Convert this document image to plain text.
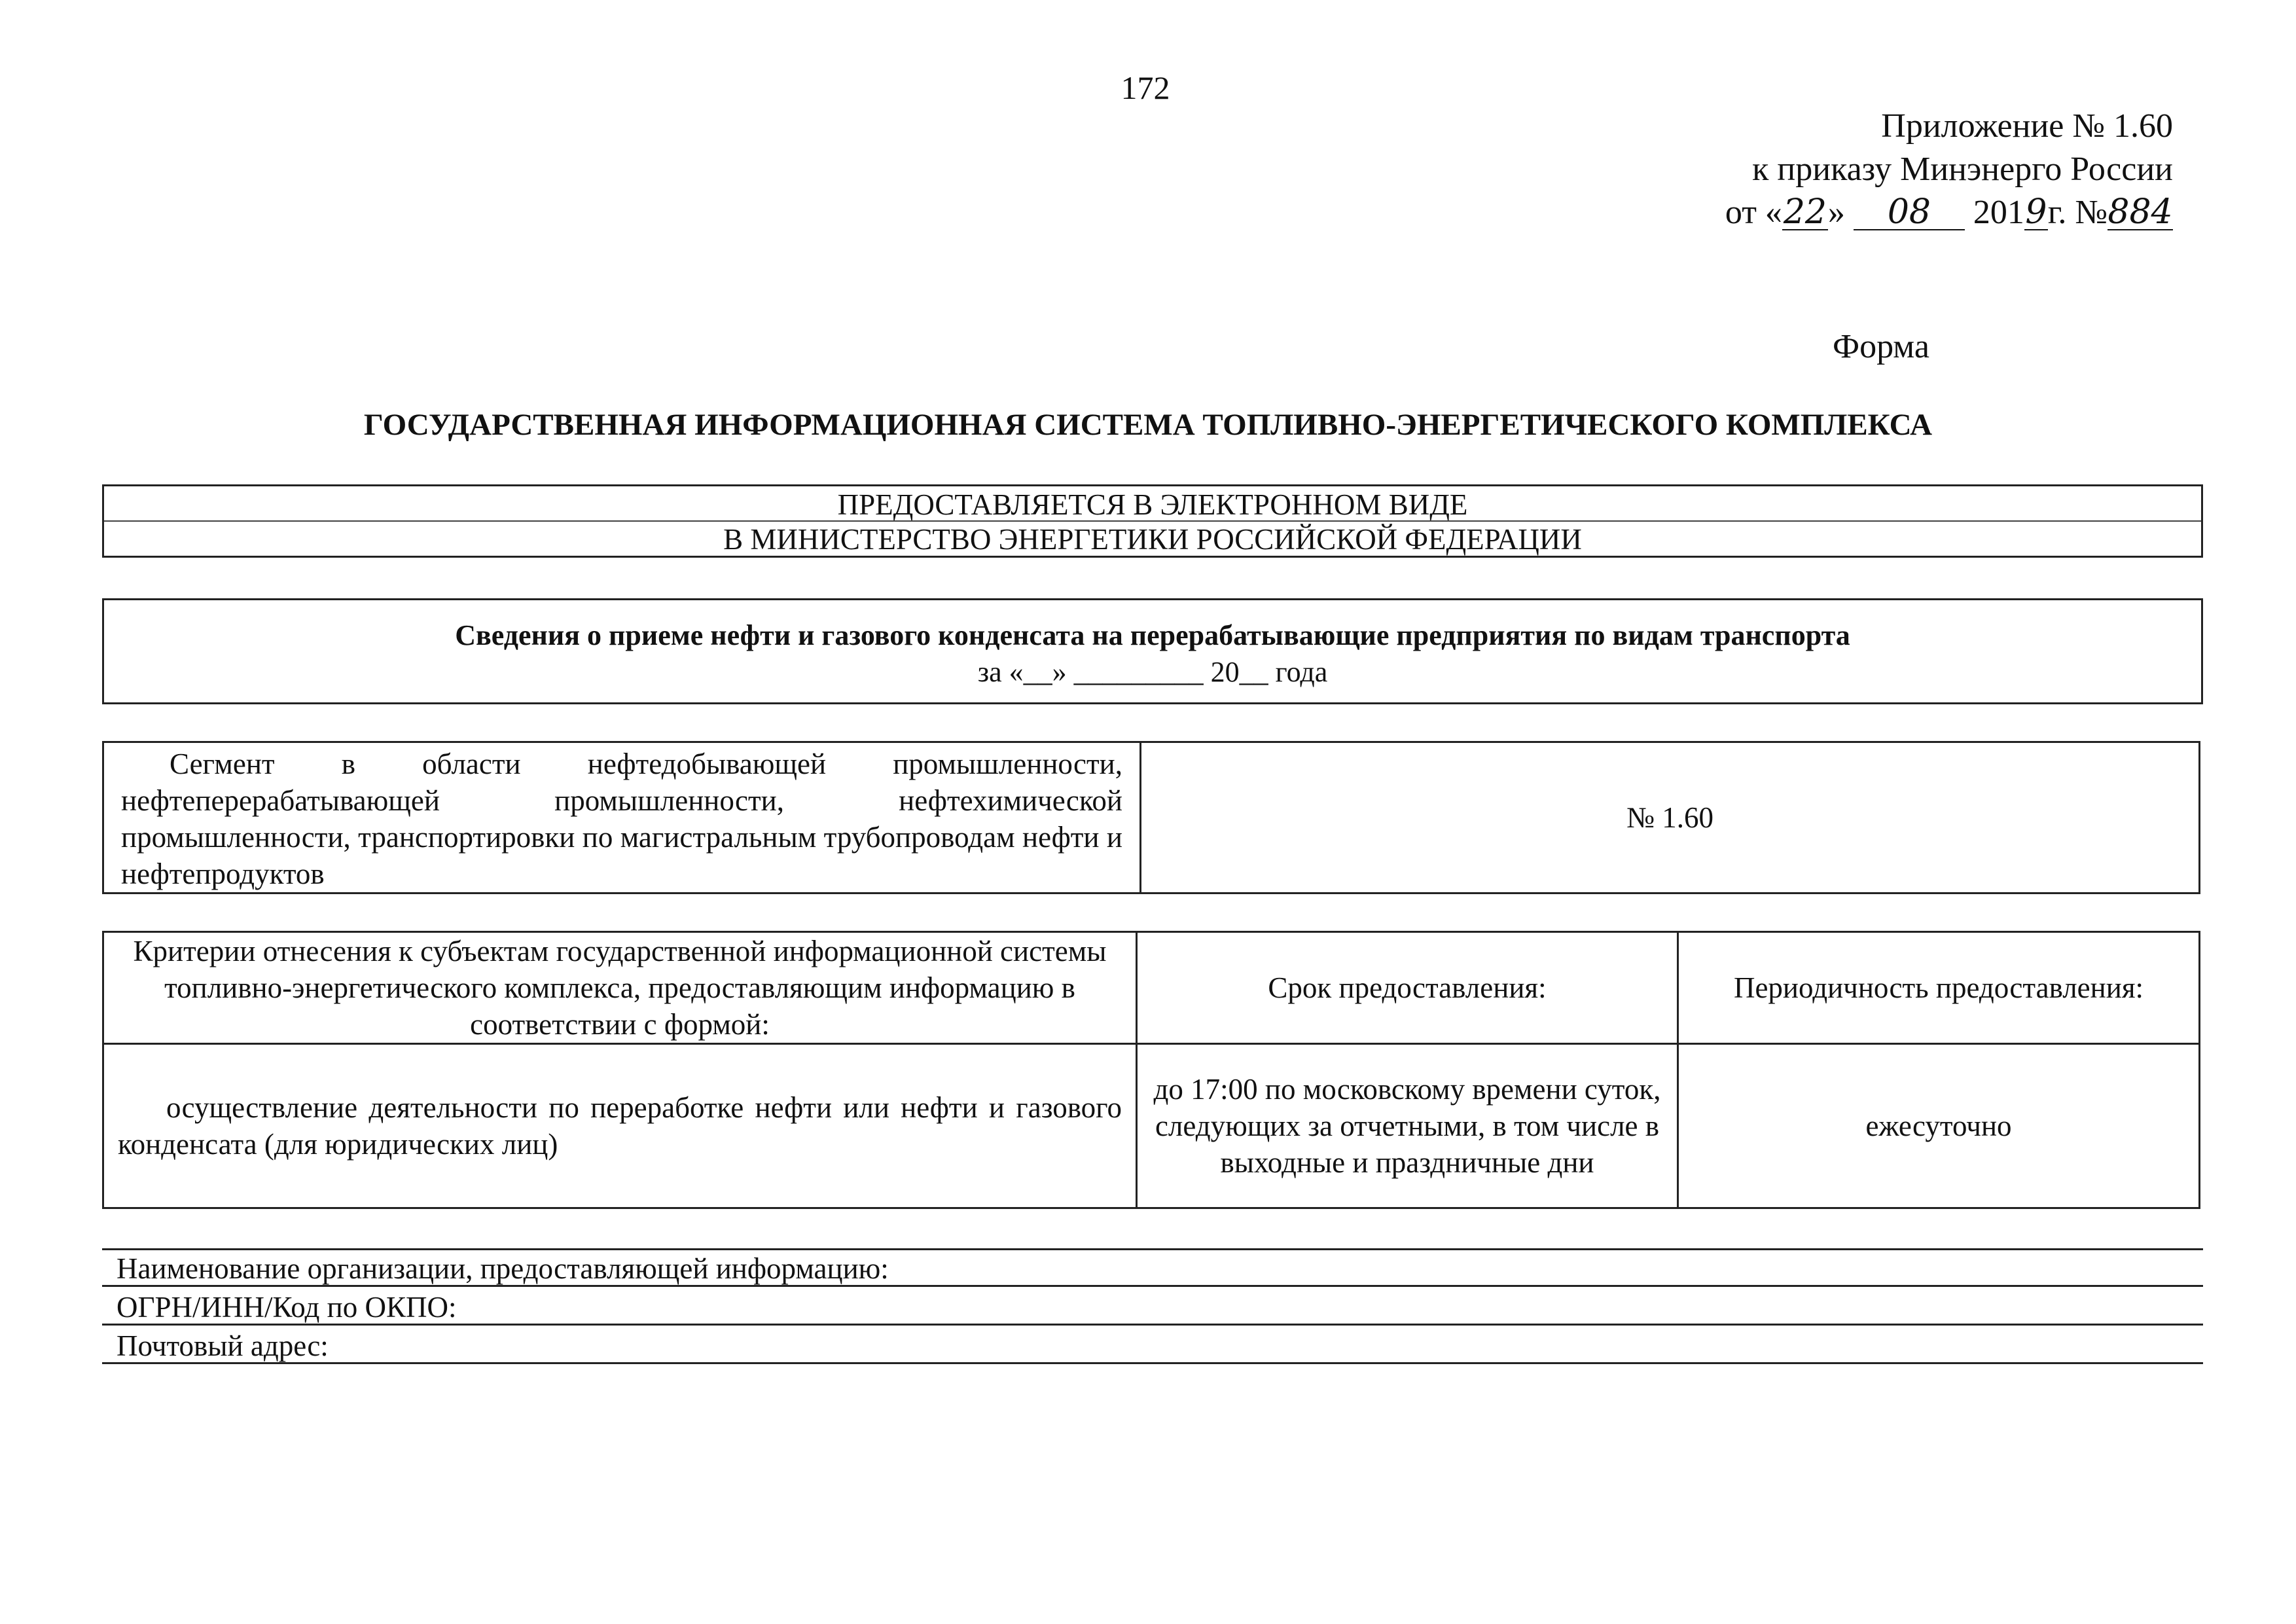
172
Приложение № 1.60
к приказу Минэнерго России
от «22» 08 2019г. №884
Форма
ГОСУДАРСТВЕННАЯ ИНФОРМАЦИОННАЯ СИСТЕМА ТОПЛИВНО-ЭНЕРГЕТИЧЕСКОГО КОМПЛЕКСА
ПРЕДОСТАВЛЯЕТСЯ В ЭЛЕКТРОННОМ ВИДЕ
В МИНИСТЕРСТВО ЭНЕРГЕТИКИ РОССИЙСКОЙ ФЕДЕРАЦИИ
Сведения о приеме нефти и газового конденсата на перерабатывающие предприятия по видам транспорта
за «__» _________ 20__ года
Сегмент в области нефтедобывающей промышленности, нефтеперерабатывающей промышленности, нефтехимической промышленности, транспортировки по магистральным трубопроводам нефти и нефтепродуктов	№ 1.60
Критерии отнесения к субъектам государственной информационной системы топливно-энергетического комплекса, предоставляющим информацию в соответствии с формой:	Срок предоставления:	Периодичность предоставления:

осуществление деятельности по переработке нефти или нефти и газового конденсата (для юридических лиц)	до 17:00 по московскому времени суток, следующих за отчетными, в том числе в выходные и праздничные дни	ежесуточно
Наименование организации, предоставляющей информацию:
ОГРН/ИНН/Код по ОКПО:
Почтовый адрес:
